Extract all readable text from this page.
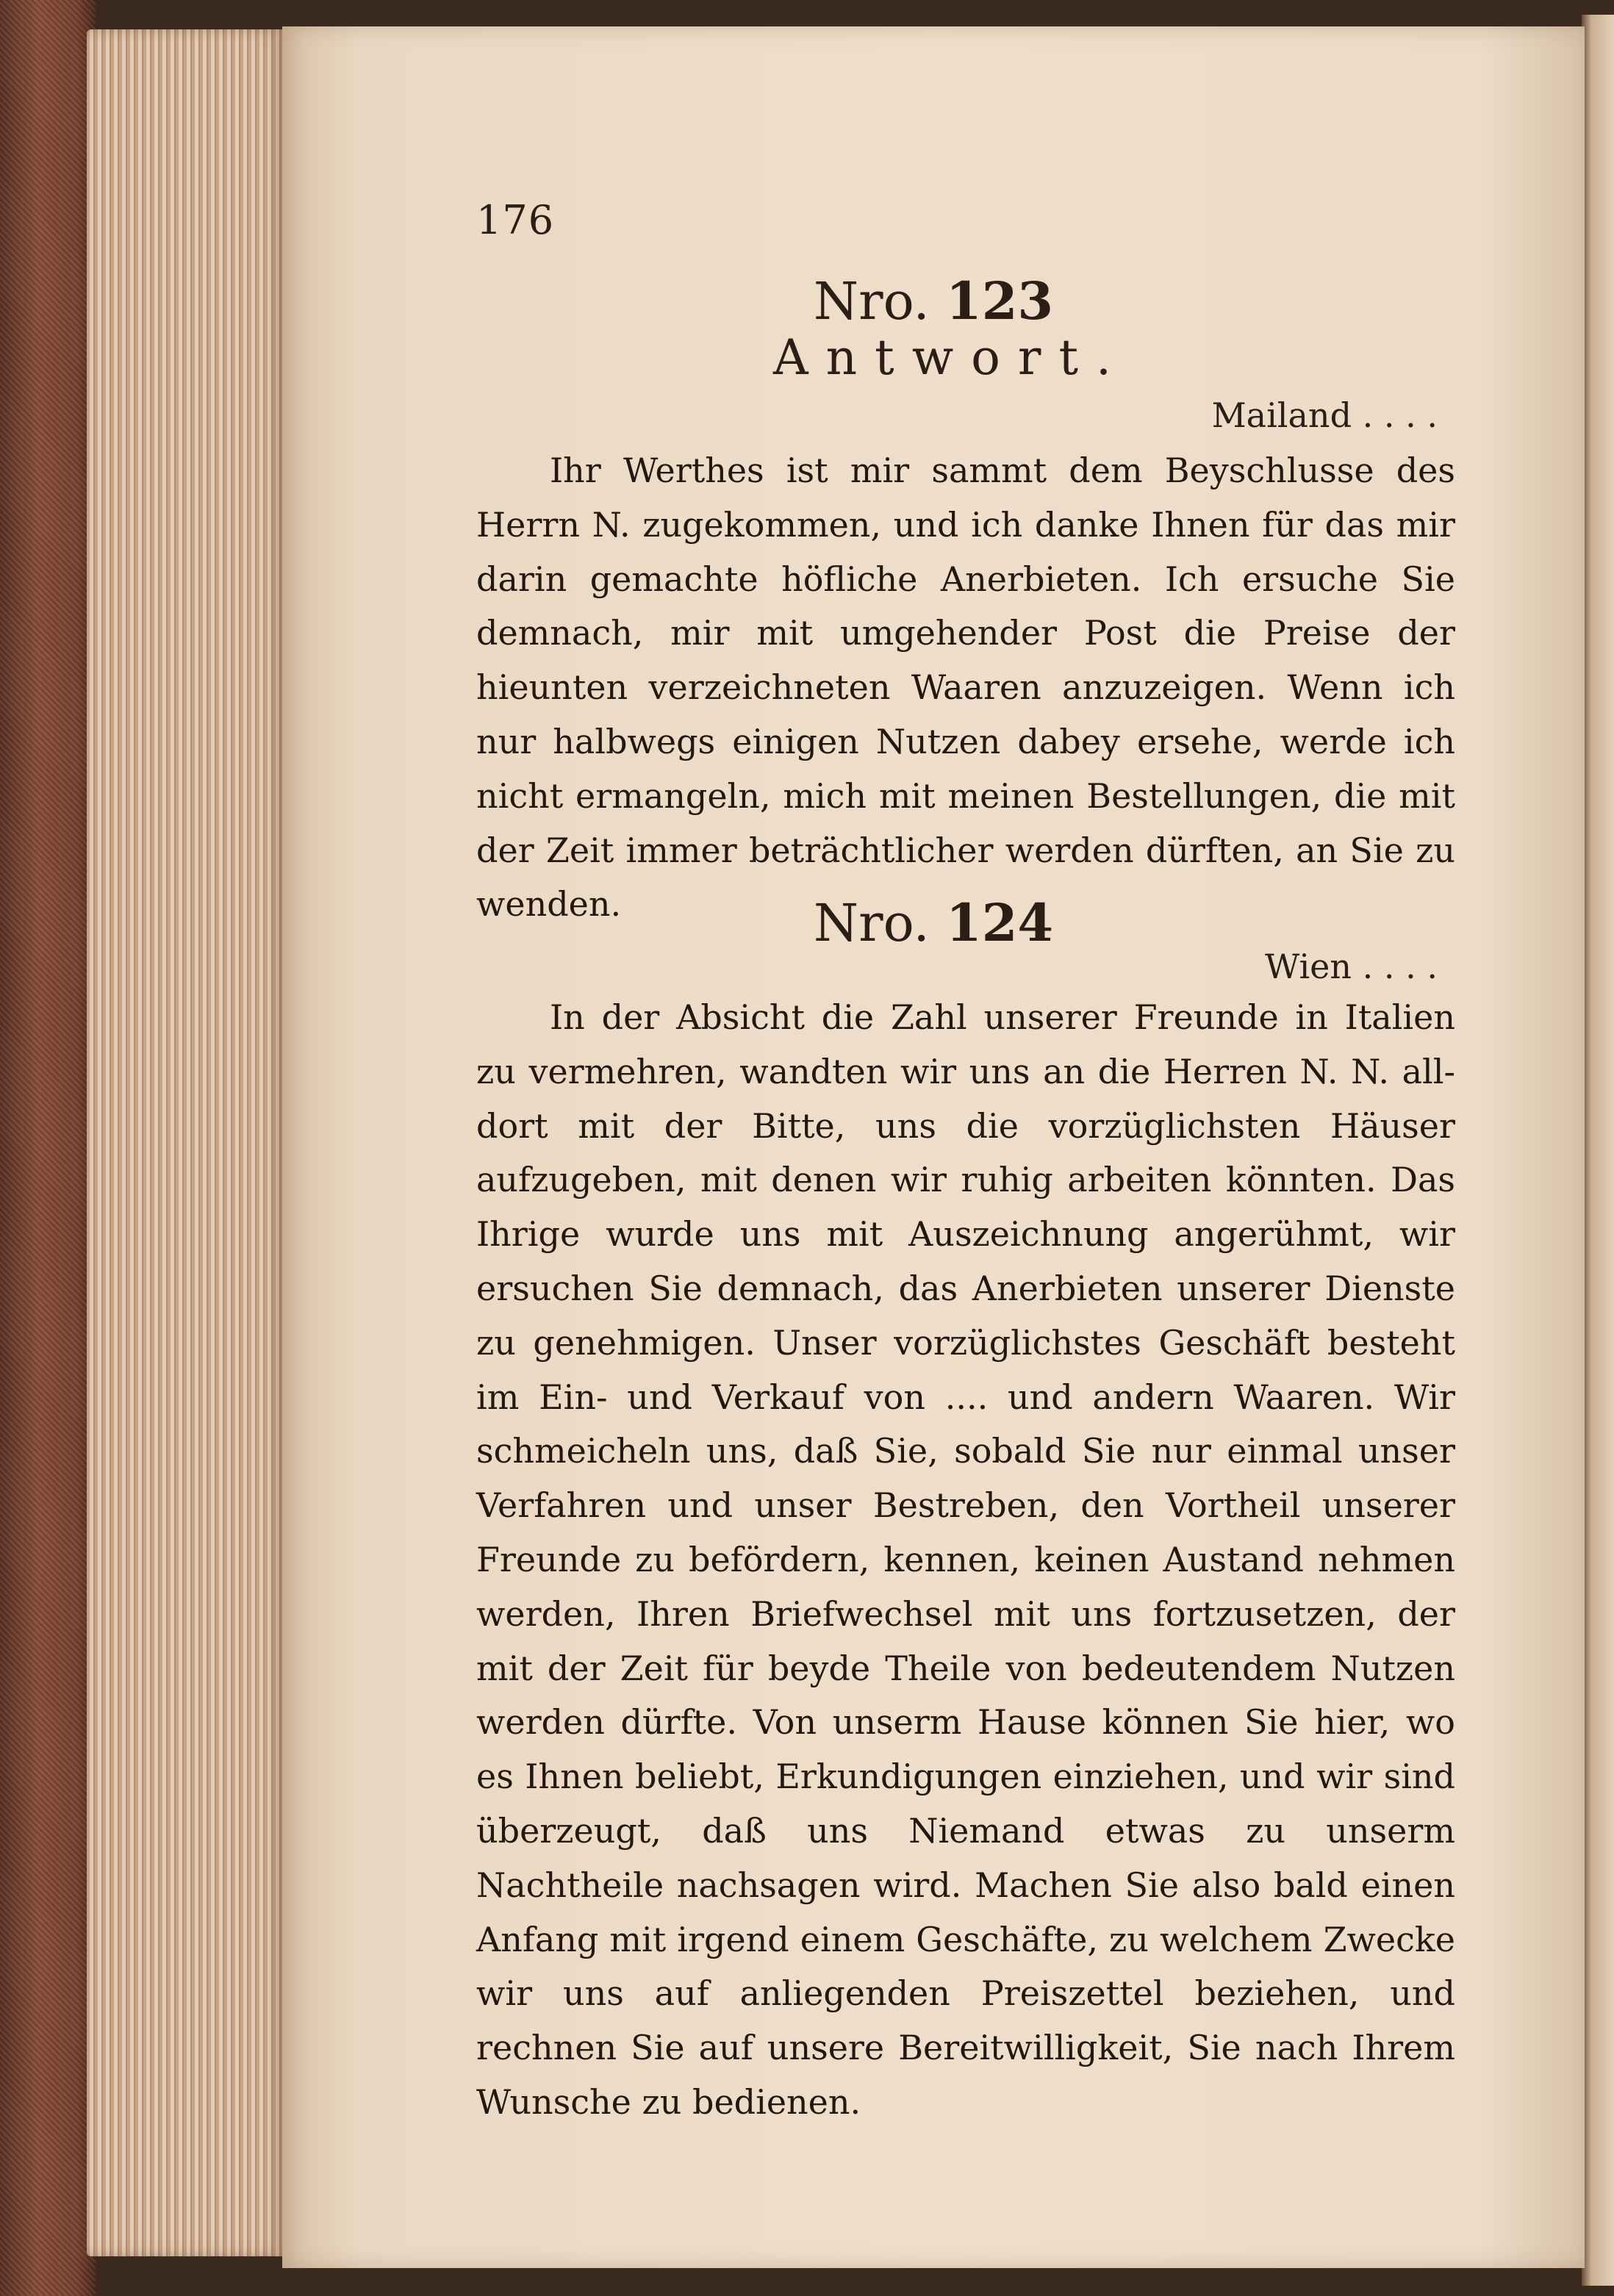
176
Nro. 123
Antwort.
Mailand . . . .
Ihr Werthes ist mir sammt dem Beyschlusse des Herrn N. zugekommen, und ich danke Ihnen für das mir darin gemachte höfliche Anerbieten. Ich ersuche Sie demnach, mir mit umgehender Post die Preise der hieunten verzeichneten Waaren anzuzeigen. Wenn ich nur halbwegs einigen Nutzen dabey ersehe, werde ich nicht ermangeln, mich mit meinen Bestellungen, die mit der Zeit immer beträchtlicher werden dürften, an Sie zu wenden.	Nro. 124
Wien . . . .
In der Absicht die Zahl unserer Freunde in Italien zu vermehren, wandten wir uns an die Herren N. N. alldort mit der Bitte, uns die vorzüglichsten Häuser aufzugeben, mit denen wir ruhig arbeiten könnten. Das Ihrige wurde uns mit Auszeichnung angerühmt, wir ersuchen Sie demnach, das Anerbieten unserer Dienste zu genehmigen. Unser vorzüglichstes Geschäft besteht im Ein- und Verkauf von .... und andern Waaren. Wir schmeicheln uns, daß Sie, sobald Sie nur einmal unser Verfahren und unser Bestreben, den Vortheil unserer Freunde zu befördern, kennen, keinen Austand nehmen werden, Ihren Briefwechsel mit uns fortzusetzen, der mit der Zeit für beyde Theile von bedeutendem Nutzen werden dürfte. Von unserm Hause können Sie hier, wo es Ihnen beliebt, Erkundigungen einziehen, und wir sind überzeugt, daß uns Niemand etwas zu unserm Nachtheile nachsagen wird. Machen Sie also bald einen Anfang mit irgend einem Geschäfte, zu welchem Zwecke wir uns auf anliegenden Preiszettel beziehen, und rechnen Sie auf unsere Bereitwilligkeit, Sie nach Ihrem Wunsche zu bedienen.
